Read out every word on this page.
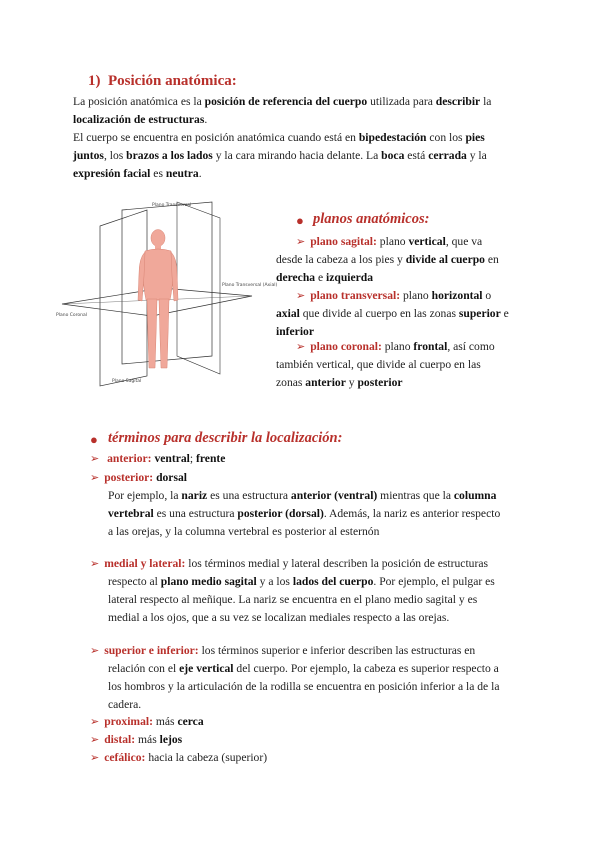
1) Posición anatómica:
La posición anatómica es la posición de referencia del cuerpo utilizada para describir la
localización de estructuras.
El cuerpo se encuentra en posición anatómica cuando está en bipedestación con los pies
juntos, los brazos a los lados y la cara mirando hacia delante. La boca está cerrada y la
expresión facial es neutra.
Plano Transversal
Plano Transversal (Axial)
Plano Coronal
Plano Sagital
● planos anatómicos:
➢ plano sagital: plano vertical, que va
desde la cabeza a los pies y divide al cuerpo en
derecha e izquierda
➢ plano transversal: plano horizontal o
axial que divide al cuerpo en las zonas superior e
inferior
➢ plano coronal: plano frontal, así como
también vertical, que divide al cuerpo en las
zonas anterior y posterior
● términos para describir la localización:
➢ anterior: ventral; frente
➢ posterior: dorsal
Por ejemplo, la nariz es una estructura anterior (ventral) mientras que la columna
vertebral es una estructura posterior (dorsal). Además, la nariz es anterior respecto
a las orejas, y la columna vertebral es posterior al esternón
➢ medial y lateral: los términos medial y lateral describen la posición de estructuras
respecto al plano medio sagital y a los lados del cuerpo. Por ejemplo, el pulgar es
lateral respecto al meñique. La nariz se encuentra en el plano medio sagital y es
medial a los ojos, que a su vez se localizan mediales respecto a las orejas.
➢ superior e inferior: los términos superior e inferior describen las estructuras en
relación con el eje vertical del cuerpo. Por ejemplo, la cabeza es superior respecto a
los hombros y la articulación de la rodilla se encuentra en posición inferior a la de la
cadera.
➢ proximal: más cerca
➢ distal: más lejos
➢ cefálico: hacia la cabeza (superior)
